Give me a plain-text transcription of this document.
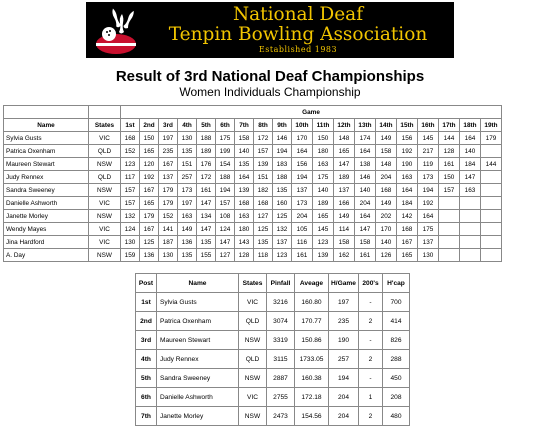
National Deaf
Tenpin Bowling Association
Established 1983
Result of 3rd National Deaf Championships
Women Individuals Championship
		Game																		
Name	States	1st	2nd	3rd	4th	5th	6th	7th	8th	9th	10th	11th	12th	13th	14th	15th	16th	17th	18th	19th
Sylvia Gusts	VIC	168	150	197	130	188	175	158	172	146	170	150	148	174	149	156	145	144	164	179
Patrica Oxenham	QLD	152	165	235	135	189	199	140	157	194	164	180	165	164	158	192	217	128	140	
Maureen Stewart	NSW	123	120	167	151	176	154	135	139	183	156	163	147	138	148	190	119	161	184	144
Judy Rennex	QLD	117	192	137	257	172	188	164	151	188	194	175	189	146	204	163	173	150	147	
Sandra Sweeney	NSW	157	167	179	173	161	194	139	182	135	137	140	137	140	168	164	194	157	163	
Danielle Ashworth	VIC	157	165	179	197	147	157	168	168	160	173	189	166	204	149	184	192			
Janette Morley	NSW	132	179	152	163	134	108	163	127	125	204	165	149	164	202	142	164			
Wendy Mayes	VIC	124	167	141	149	147	124	180	125	132	105	145	114	147	170	168	175			
Jina Hardford	VIC	130	125	187	136	135	147	143	135	137	116	123	158	158	140	167	137			
A. Day	NSW	159	136	130	135	155	127	128	118	123	161	139	162	161	126	165	130			
Post	Name	States	Pinfall	Aveage	H/Game	200's	H'cap
1st	Sylvia Gusts	VIC	3216	160.80	197	-	700
2nd	Patrica Oxenham	QLD	3074	170.77	235	2	414
3rd	Maureen Stewart	NSW	3319	150.86	190	-	826
4th	Judy Rennex	QLD	3115	1733.05	257	2	288
5th	Sandra Sweeney	NSW	2887	160.38	194	-	450
6th	Danielle Ashworth	VIC	2755	172.18	204	1	208
7th	Janette Morley	NSW	2473	154.56	204	2	480
